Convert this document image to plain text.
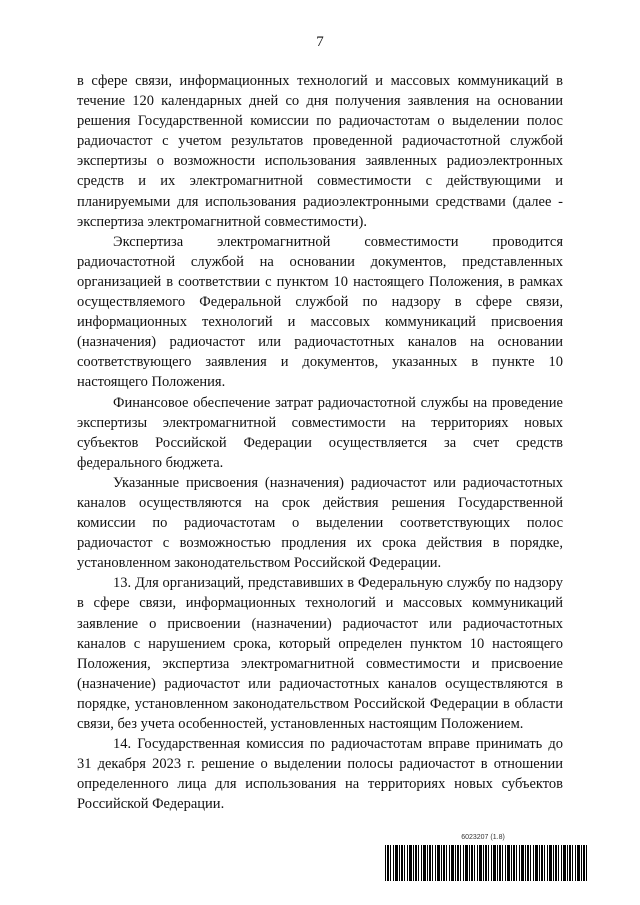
7

в сфере связи, информационных технологий и массовых коммуникаций в течение 120 календарных дней со дня получения заявления на основании решения Государственной комиссии по радиочастотам о выделении полос радиочастот с учетом результатов проведенной радиочастотной службой экспертизы о возможности использования заявленных радиоэлектронных средств и их электромагнитной совместимости с действующими и планируемыми для использования радиоэлектронными средствами (далее - экспертиза электромагнитной совместимости).

Экспертиза электромагнитной совместимости проводится радиочастотной службой на основании документов, представленных организацией в соответствии с пунктом 10 настоящего Положения, в рамках осуществляемого Федеральной службой по надзору в сфере связи, информационных технологий и массовых коммуникаций присвоения (назначения) радиочастот или радиочастотных каналов на основании соответствующего заявления и документов, указанных в пункте 10 настоящего Положения.

Финансовое обеспечение затрат радиочастотной службы на проведение экспертизы электромагнитной совместимости на территориях новых субъектов Российской Федерации осуществляется за счет средств федерального бюджета.

Указанные присвоения (назначения) радиочастот или радиочастотных каналов осуществляются на срок действия решения Государственной комиссии по радиочастотам о выделении соответствующих полос радиочастот с возможностью продления их срока действия в порядке, установленном законодательством Российской Федерации.

13. Для организаций, представивших в Федеральную службу по надзору в сфере связи, информационных технологий и массовых коммуникаций заявление о присвоении (назначении) радиочастот или радиочастотных каналов с нарушением срока, который определен пунктом 10 настоящего Положения, экспертиза электромагнитной совместимости и присвоение (назначение) радиочастот или радиочастотных каналов осуществляются в порядке, установленном законодательством Российской Федерации в области связи, без учета особенностей, установленных настоящим Положением.

14. Государственная комиссия по радиочастотам вправе принимать до 31 декабря 2023 г. решение о выделении полосы радиочастот в отношении определенного лица для использования на территориях новых субъектов Российской Федерации.

6023207 (1.8)
